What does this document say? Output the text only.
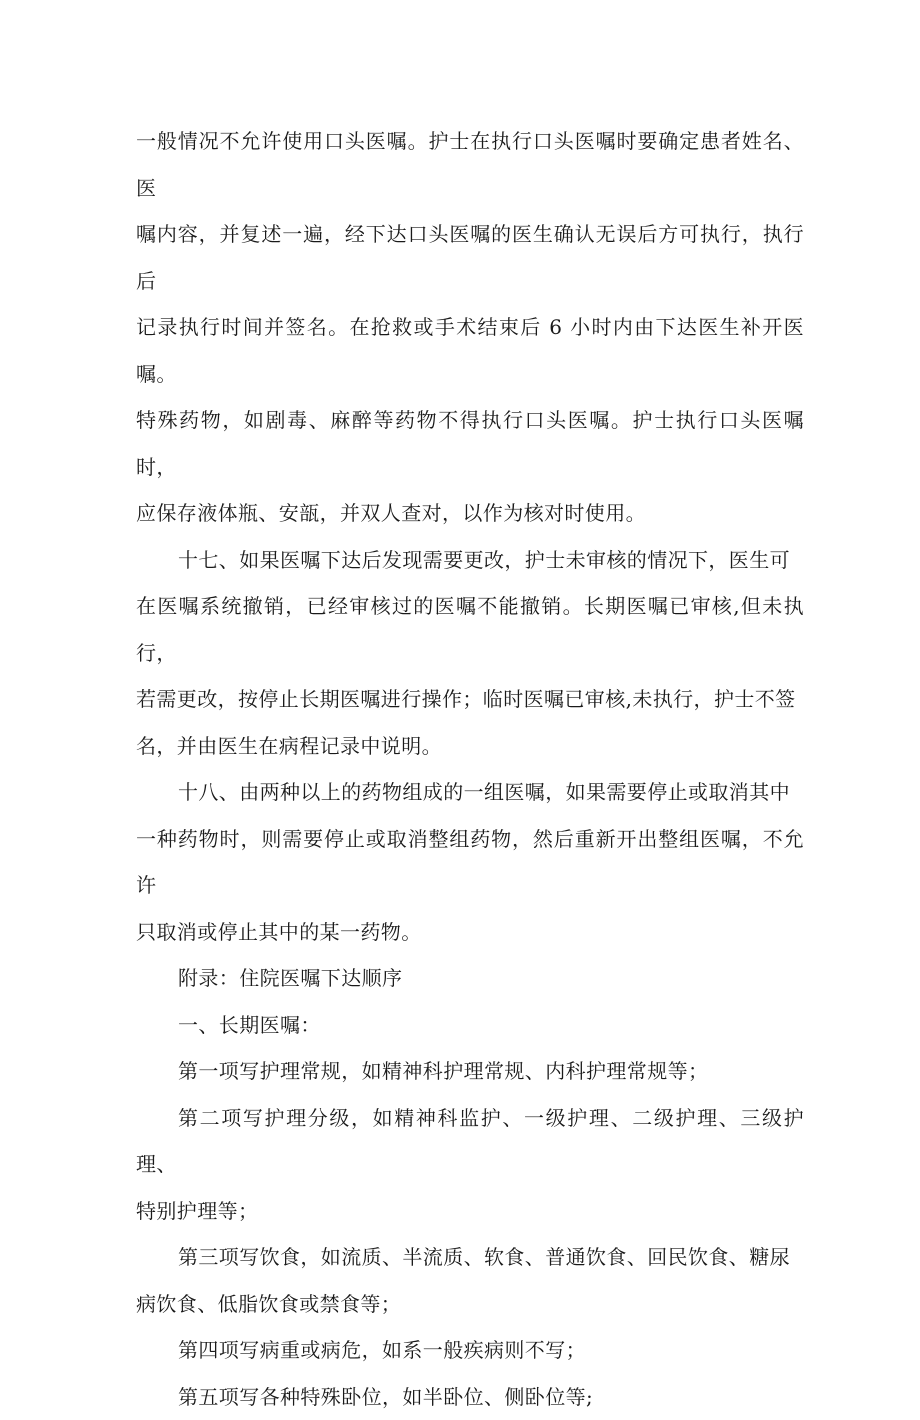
一般情况不允许使用口头医嘱。护士在执行口头医嘱时要确定患者姓名、医
嘱内容，并复述一遍，经下达口头医嘱的医生确认无误后方可执行，执行后
记录执行时间并签名。在抢救或手术结束后 6 小时内由下达医生补开医嘱。
特殊药物，如剧毒、麻醉等药物不得执行口头医嘱。护士执行口头医嘱时，
应保存液体瓶、安瓿，并双人查对，以作为核对时使用。

十七、如果医嘱下达后发现需要更改，护士未审核的情况下，医生可
在医嘱系统撤销，已经审核过的医嘱不能撤销。长期医嘱已审核,但未执行，
若需更改，按停止长期医嘱进行操作；临时医嘱已审核,未执行，护士不签
名，并由医生在病程记录中说明。

十八、由两种以上的药物组成的一组医嘱，如果需要停止或取消其中
一种药物时，则需要停止或取消整组药物，然后重新开出整组医嘱，不允许
只取消或停止其中的某一药物。

附录：住院医嘱下达顺序

一、长期医嘱：

第一项写护理常规，如精神科护理常规、内科护理常规等；

第二项写护理分级，如精神科监护、一级护理、二级护理、三级护理、
特别护理等；

第三项写饮食，如流质、半流质、软食、普通饮食、回民饮食、糖尿
病饮食、低脂饮食或禁食等；

第四项写病重或病危，如系一般疾病则不写；

第五项写各种特殊卧位，如半卧位、侧卧位等;
